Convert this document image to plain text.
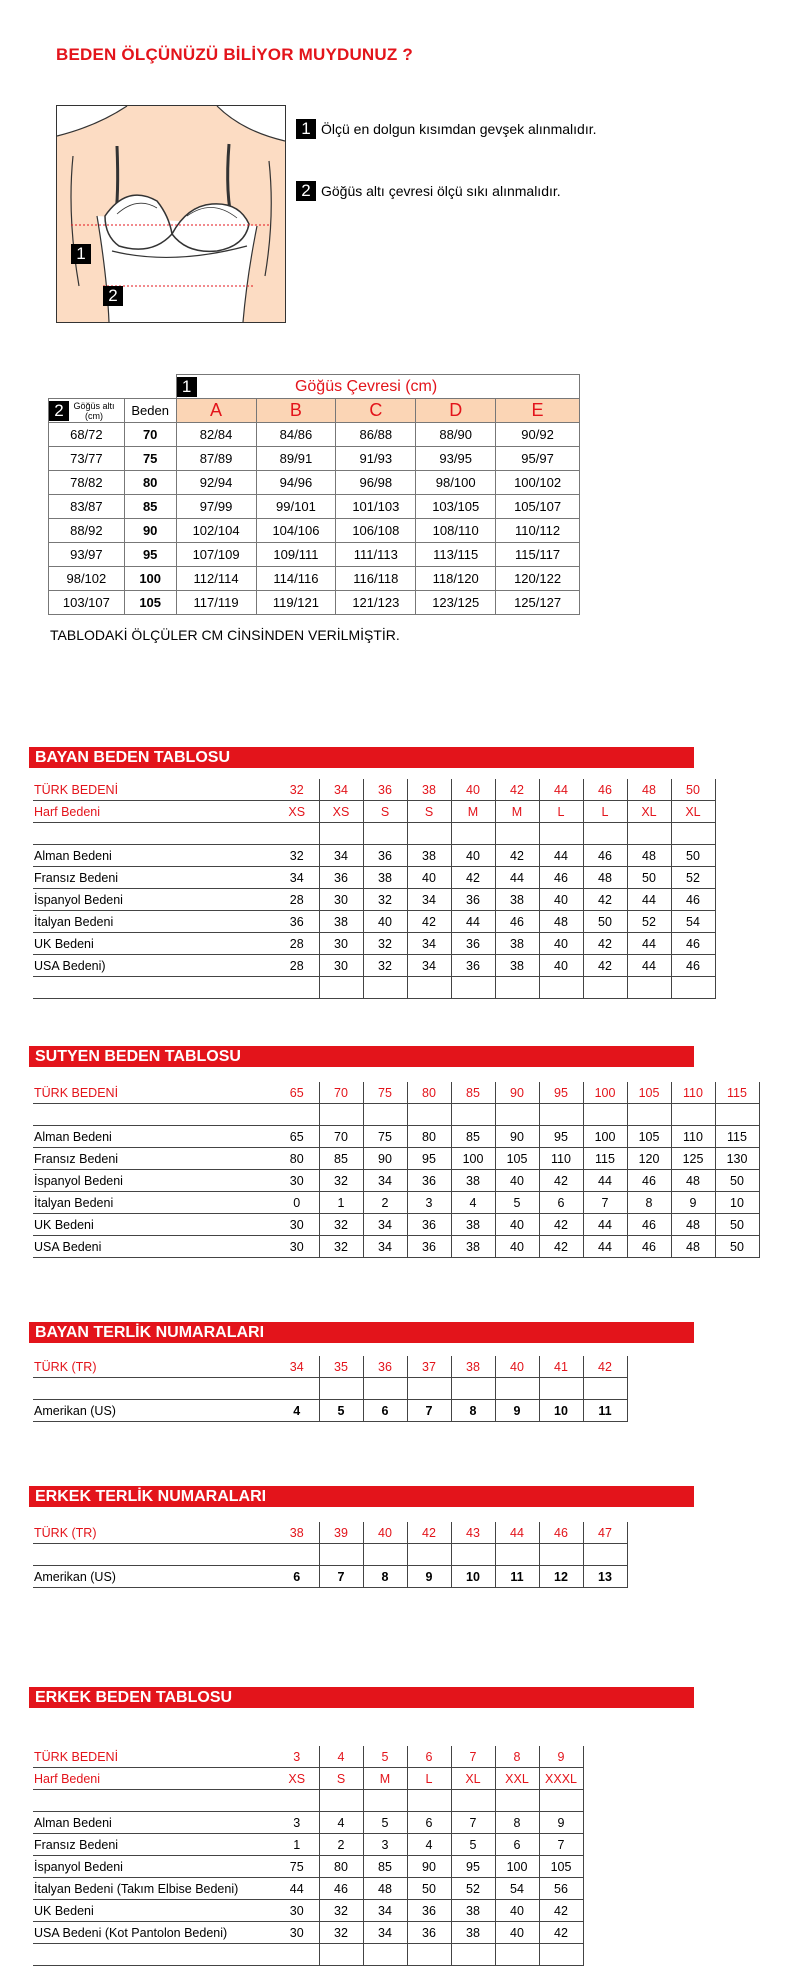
BEDEN ÖLÇÜNÜZÜ BİLİYOR MUYDUNUZ ?
1
2
1 Ölçü en dolgun kısımdan gevşek alınmalıdır.
2 Göğüs altı çevresi ölçü sıkı alınmalıdır.
		1 Göğüs Çevresi (cm)				

2 Göğüs altı (cm)	Beden	A	B	C	D	E
68/72	70	82/84	84/86	86/88	88/90	90/92
73/77	75	87/89	89/91	91/93	93/95	95/97
78/82	80	92/94	94/96	96/98	98/100	100/102
83/87	85	97/99	99/101	101/103	103/105	105/107
88/92	90	102/104	104/106	106/108	108/110	110/112
93/97	95	107/109	109/111	111/113	113/115	115/117
98/102	100	112/114	114/116	116/118	118/120	120/122
103/107	105	117/119	119/121	121/123	123/125	125/127
TABLODAKİ ÖLÇÜLER CM CİNSİNDEN VERİLMİŞTİR.
BAYAN BEDEN TABLOSU
TÜRK BEDENİ	32	34	36	38	40	42	44	46	48	50
Harf Bedeni	XS	XS	S	S	M	M	L	L	XL	XL

Alman Bedeni	32	34	36	38	40	42	44	46	48	50
Fransız Bedeni	34	36	38	40	42	44	46	48	50	52
İspanyol Bedeni	28	30	32	34	36	38	40	42	44	46
İtalyan Bedeni	36	38	40	42	44	46	48	50	52	54
UK Bedeni	28	30	32	34	36	38	40	42	44	46
USA Bedeni)	28	30	32	34	36	38	40	42	44	46

SUTYEN BEDEN TABLOSU
TÜRK BEDENİ	65	70	75	80	85	90	95	100	105	110	115

Alman Bedeni	65	70	75	80	85	90	95	100	105	110	115
Fransız Bedeni	80	85	90	95	100	105	110	115	120	125	130
İspanyol Bedeni	30	32	34	36	38	40	42	44	46	48	50
İtalyan Bedeni	0	1	2	3	4	5	6	7	8	9	10
UK Bedeni	30	32	34	36	38	40	42	44	46	48	50
USA Bedeni	30	32	34	36	38	40	42	44	46	48	50
BAYAN TERLİK NUMARALARI
TÜRK (TR)	34	35	36	37	38	40	41	42

Amerikan (US)	4	5	6	7	8	9	10	11
ERKEK TERLİK NUMARALARI
TÜRK (TR)	38	39	40	42	43	44	46	47

Amerikan (US)	6	7	8	9	10	11	12	13
ERKEK BEDEN TABLOSU
TÜRK BEDENİ	3	4	5	6	7	8	9
Harf Bedeni	XS	S	M	L	XL	XXL	XXXL

Alman Bedeni	3	4	5	6	7	8	9
Fransız Bedeni	1	2	3	4	5	6	7
İspanyol Bedeni	75	80	85	90	95	100	105
İtalyan Bedeni (Takım Elbise Bedeni)	44	46	48	50	52	54	56
UK Bedeni	30	32	34	36	38	40	42
USA Bedeni (Kot Pantolon Bedeni)	30	32	34	36	38	40	42
